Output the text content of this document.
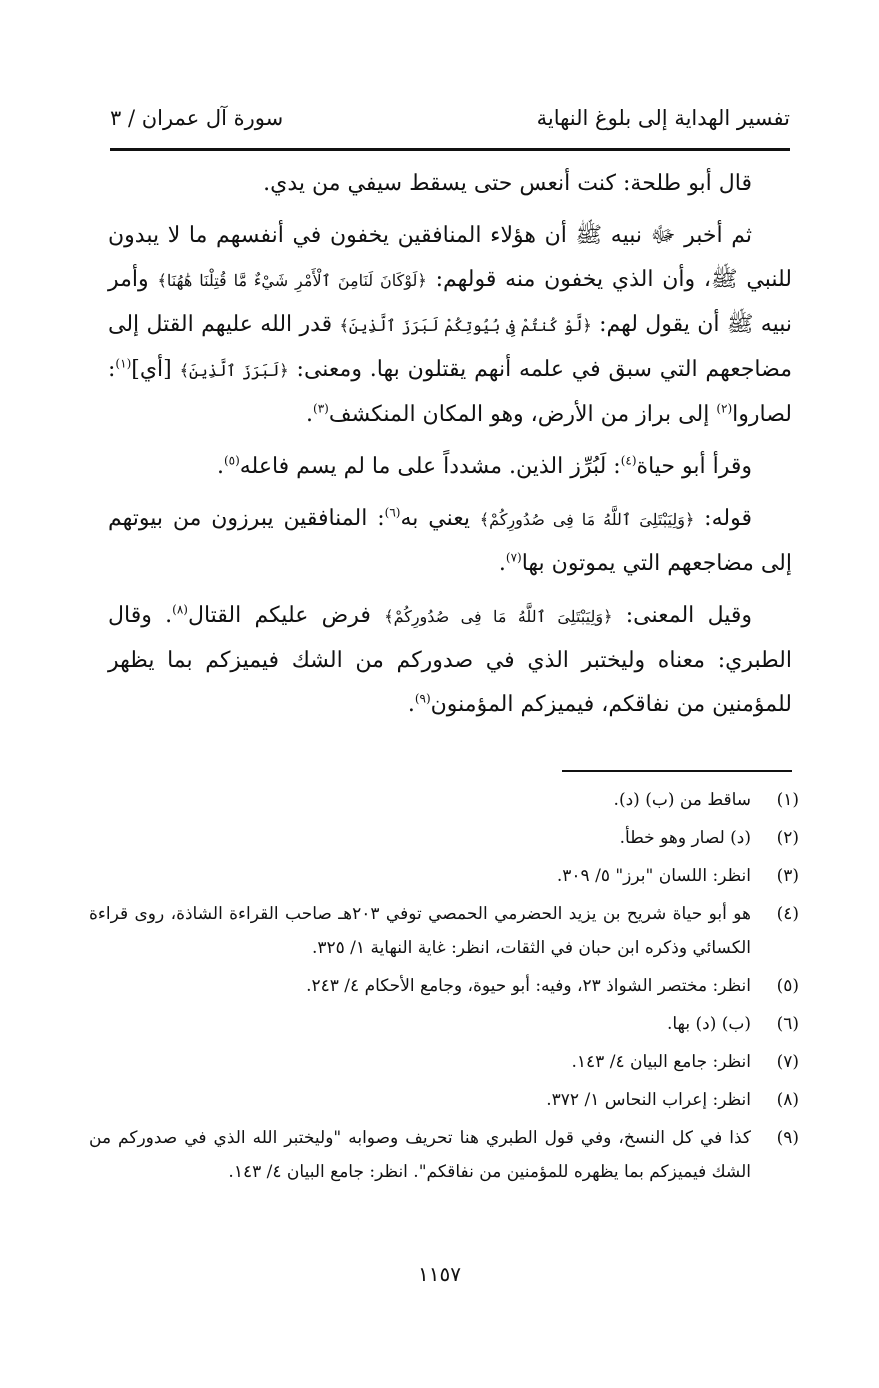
تفسير الهداية إلى بلوغ النهاية
سورة آل عمران / ٣

قال أبو طلحة: كنت أنعس حتى يسقط سيفي من يدي.

ثم أخبر ﷻ نبيه ﷺ أن هؤلاء المنافقين يخفون في أنفسهم ما لا يبدون للنبي ﷺ، وأن الذي يخفون منه قولهم: ﴿لَوْكَانَ لَنَامِنَ ٱلْأَمْرِ شَيْءٌ مَّا قُتِلْنَا هَٰهُنَا﴾ وأمر نبيه ﷺ أن يقول لهم: ﴿لَّوْ كُنتُمْ فِى بُيُوتِكُمْ لَبَرَزَ ٱلَّذِينَ﴾ قدر الله عليهم القتل إلى مضاجعهم التي سبق في علمه أنهم يقتلون بها. ومعنى: ﴿لَبَرَزَ ٱلَّذِينَ﴾ [أي]$^{(١)}$: لصاروا$^{(٢)}$ إلى براز من الأرض، وهو المكان المنكشف$^{(٣)}$.

وقرأ أبو حياة$^{(٤)}$: لَبُرِّز الذين. مشدداً على ما لم يسم فاعله$^{(٥)}$.

قوله: ﴿وَلِيَبْتَلِىَ ٱللَّهُ مَا فِى صُدُورِكُمْ﴾ يعني به$^{(٦)}$: المنافقين يبرزون من بيوتهم إلى مضاجعهم التي يموتون بها$^{(٧)}$.

وقيل المعنى: ﴿وَلِيَبْتَلِىَ ٱللَّهُ مَا فِى صُدُورِكُمْ﴾ فرض عليكم القتال$^{(٨)}$. وقال الطبري: معناه وليختبر الذي في صدوركم من الشك فيميزكم بما يظهر للمؤمنين من نفاقكم، فيميزكم المؤمنون$^{(٩)}$.

(١)
ساقط من (ب) (د).
(٢)
(د) لصار وهو خطأ.
(٣)
انظر: اللسان "برز" ٥/ ٣٠٩.
(٤)
هو أبو حياة شريح بن يزيد الحضرمي الحمصي توفي ٢٠٣هـ صاحب القراءة الشاذة، روى قراءة الكسائي وذكره ابن حبان في الثقات، انظر: غاية النهاية ١/ ٣٢٥.
(٥)
انظر: مختصر الشواذ ٢٣، وفيه: أبو حيوة، وجامع الأحكام ٤/ ٢٤٣.
(٦)
(ب) (د) بها.
(٧)
انظر: جامع البيان ٤/ ١٤٣.
(٨)
انظر: إعراب النحاس ١/ ٣٧٢.
(٩)
كذا في كل النسخ، وفي قول الطبري هنا تحريف وصوابه "وليختبر الله الذي في صدوركم من الشك فيميزكم بما يظهره للمؤمنين من نفاقكم". انظر: جامع البيان ٤/ ١٤٣.
١١٥٧
